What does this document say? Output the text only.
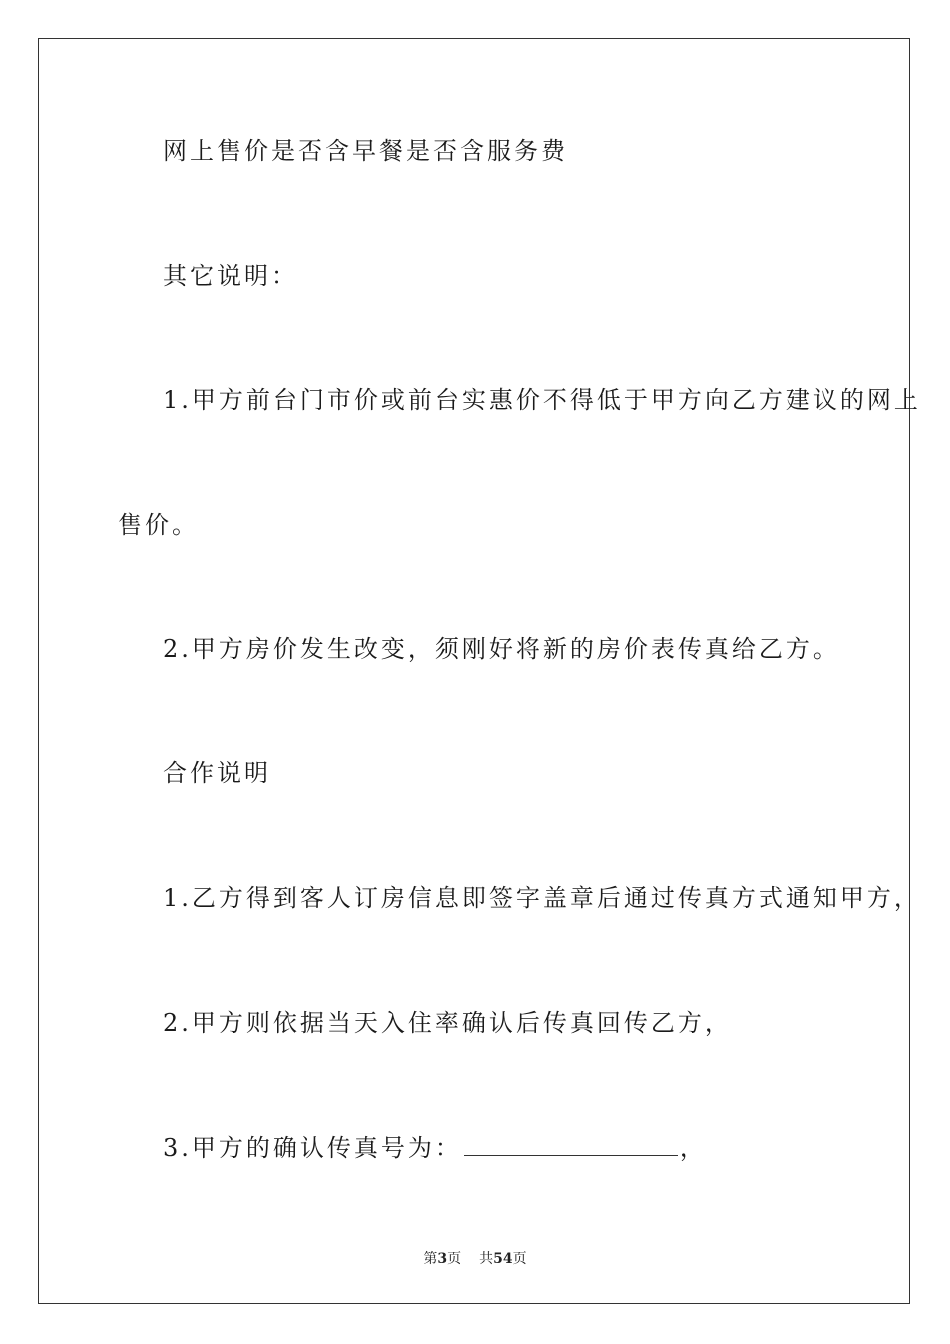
网上售价是否含早餐是否含服务费
其它说明：
1.甲方前台门市价或前台实惠价不得低于甲方向乙方建议的网上
售价。
2.甲方房价发生改变，须刚好将新的房价表传真给乙方。
合作说明
1.乙方得到客人订房信息即签字盖章后通过传真方式通知甲方，
2.甲方则依据当天入住率确认后传真回传乙方，
3.甲方的确认传真号为：	，
第3页 共54页
